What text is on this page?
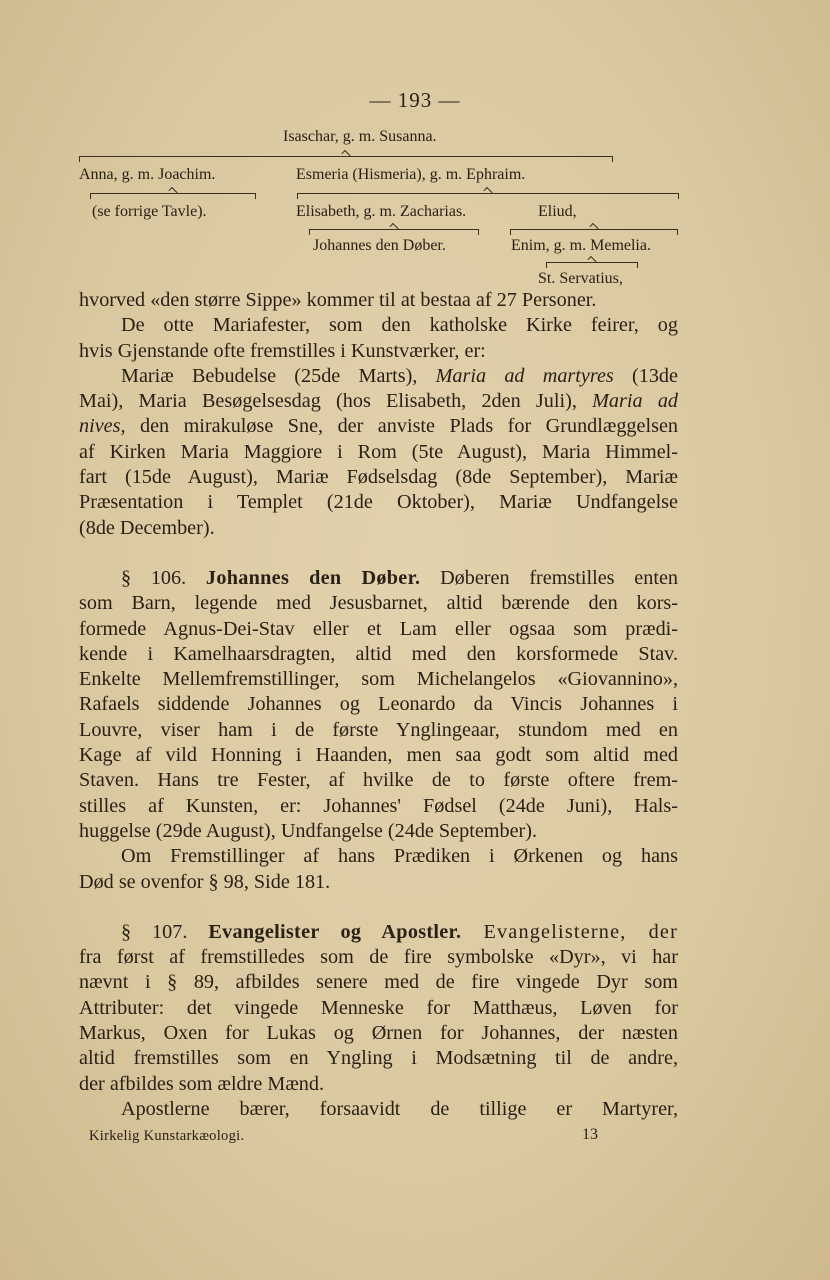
— 193 —
Isaschar, g. m. Susanna.
Anna, g. m. Joachim.	Esmeria (Hismeria), g. m. Ephraim.
(se forrige Tavle).	Elisabeth, g. m. Zacharias.	Eliud,
Johannes den Døber.	Enim, g. m. Memelia.
St. Servatius,

hvorved «den større Sippe» kommer til at bestaa af 27 Personer.

De otte Mariafester, som den katholske Kirke feirer, og

hvis Gjenstande ofte fremstilles i Kunstværker, er:

Mariæ Bebudelse (25de Marts), Maria ad martyres (13de

Mai), Maria Besøgelsesdag (hos Elisabeth, 2den Juli), Maria ad

nives, den mirakuløse Sne, der anviste Plads for Grundlæggelsen

af Kirken Maria Maggiore i Rom (5te August), Maria Himmel-

fart (15de August), Mariæ Fødselsdag (8de September), Mariæ

Præsentation i Templet (21de Oktober), Mariæ Undfangelse

(8de December).

§ 106. Johannes den Døber. Døberen fremstilles enten

som Barn, legende med Jesusbarnet, altid bærende den kors-

formede Agnus-Dei-Stav eller et Lam eller ogsaa som prædi-

kende i Kamelhaarsdragten, altid med den korsformede Stav.

Enkelte Mellemfremstillinger, som Michelangelos «Giovannino»,

Rafaels siddende Johannes og Leonardo da Vincis Johannes i

Louvre, viser ham i de første Ynglingeaar, stundom med en

Kage af vild Honning i Haanden, men saa godt som altid med

Staven. Hans tre Fester, af hvilke de to første oftere frem-

stilles af Kunsten, er: Johannes' Fødsel (24de Juni), Hals-

huggelse (29de August), Undfangelse (24de September).

Om Fremstillinger af hans Prædiken i Ørkenen og hans

Død se ovenfor § 98, Side 181.

§ 107. Evangelister og Apostler. Evangelisterne, der

fra først af fremstilledes som de fire symbolske «Dyr», vi har

nævnt i § 89, afbildes senere med de fire vingede Dyr som

Attributer: det vingede Menneske for Matthæus, Løven for

Markus, Oxen for Lukas og Ørnen for Johannes, der næsten

altid fremstilles som en Yngling i Modsætning til de andre,

der afbildes som ældre Mænd.

Apostlerne bærer, forsaavidt de tillige er Martyrer,

Kirkelig Kunstarkæologi.	13
